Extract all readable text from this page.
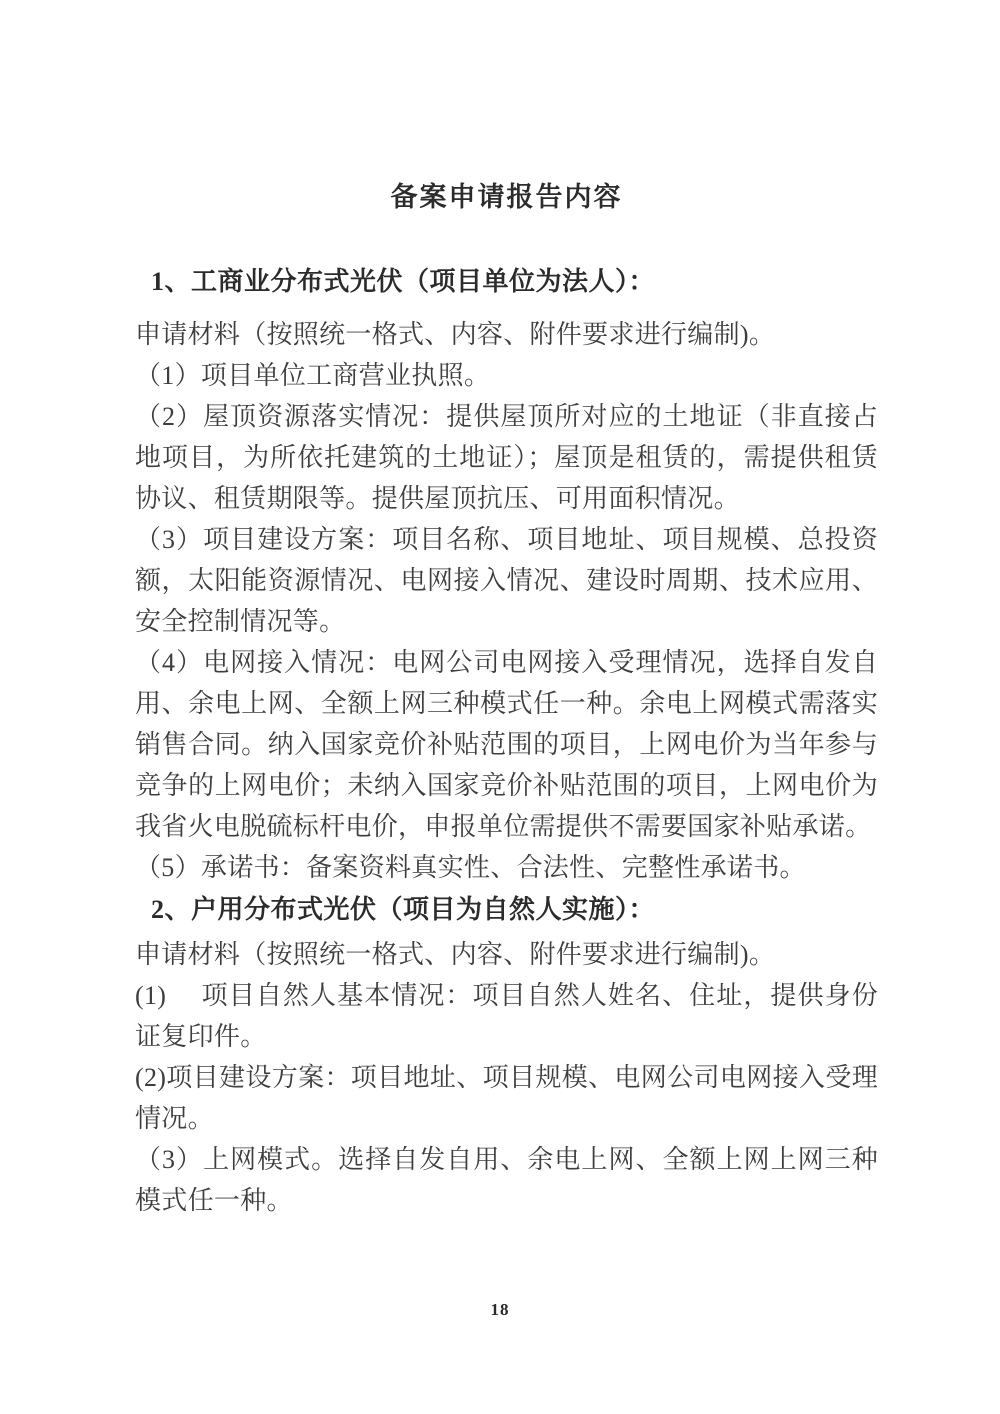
备案申请报告内容
1、工商业分布式光伏（项目单位为法人）：

申请材料（按照统一格式、内容、附件要求进行编制)。

（1）项目单位工商营业执照。

（2）屋顶资源落实情况：提供屋顶所对应的土地证（非直接占地项目，为所依托建筑的土地证）；屋顶是租赁的，需提供租赁协议、租赁期限等。提供屋顶抗压、可用面积情况。

（3）项目建设方案：项目名称、项目地址、项目规模、总投资额，太阳能资源情况、电网接入情况、建设时周期、技术应用、安全控制情况等。

（4）电网接入情况：电网公司电网接入受理情况，选择自发自用、余电上网、全额上网三种模式任一种。余电上网模式需落实销售合同。纳入国家竞价补贴范围的项目，上网电价为当年参与竞争的上网电价；未纳入国家竞价补贴范围的项目，上网电价为我省火电脱硫标杆电价，申报单位需提供不需要国家补贴承诺。

（5）承诺书：备案资料真实性、合法性、完整性承诺书。

2、户用分布式光伏（项目为自然人实施）：

申请材料（按照统一格式、内容、附件要求进行编制)。

(1)　 项目自然人基本情况：项目自然人姓名、住址，提供身份证复印件。

(2)项目建设方案：项目地址、项目规模、电网公司电网接入受理情况。

（3）上网模式。选择自发自用、余电上网、全额上网上网三种模式任一种。

18
